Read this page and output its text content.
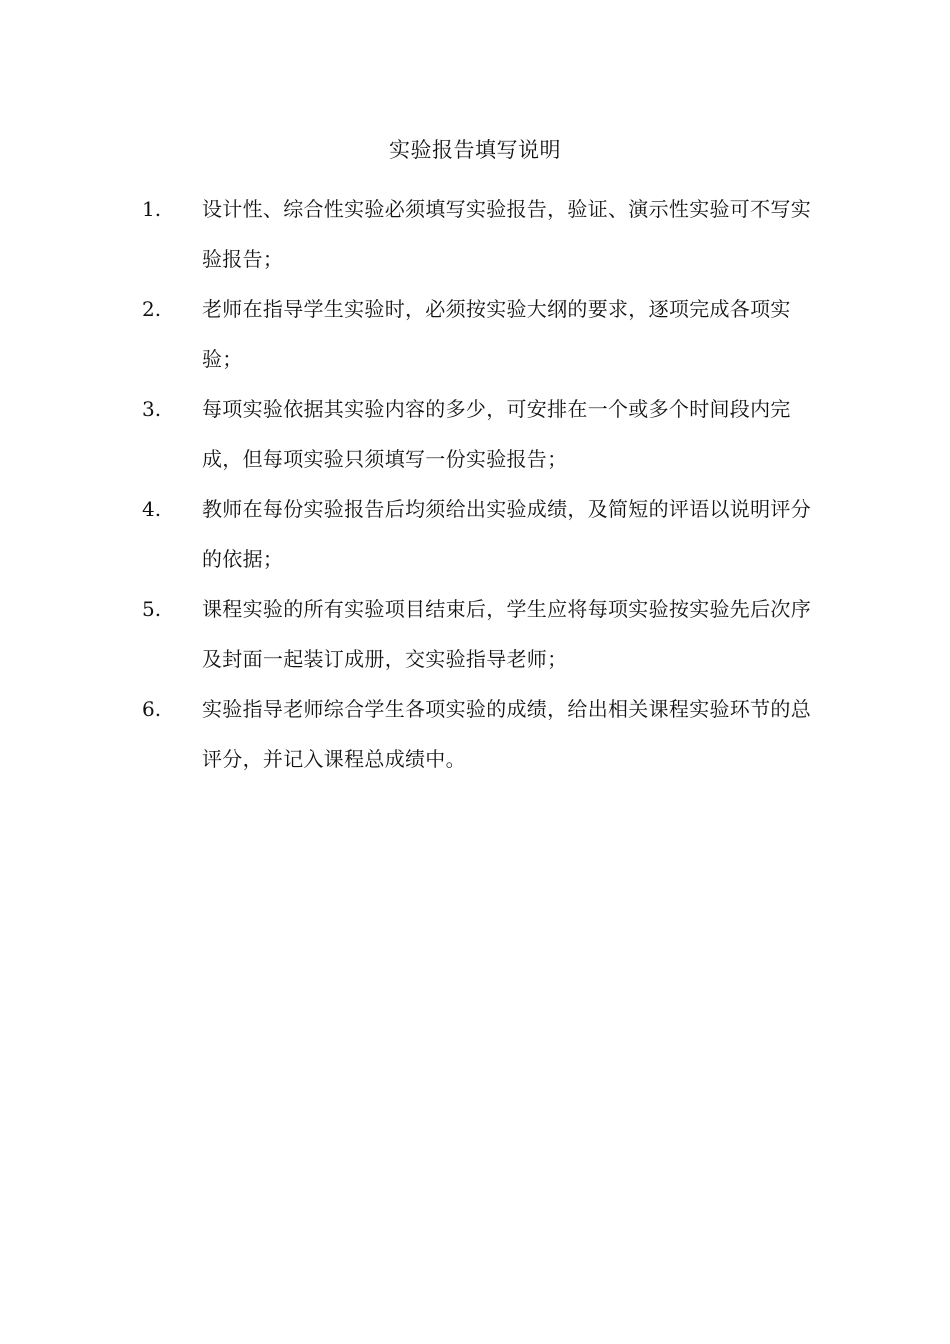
实验报告填写说明
1.	设计性、综合性实验必须填写实验报告，验证、演示性实验可不写实验报告；
2.	老师在指导学生实验时，必须按实验大纲的要求，逐项完成各项实验；
3.	每项实验依据其实验内容的多少，可安排在一个或多个时间段内完成，但每项实验只须填写一份实验报告；
4.	教师在每份实验报告后均须给出实验成绩，及简短的评语以说明评分的依据；
5.	课程实验的所有实验项目结束后，学生应将每项实验按实验先后次序及封面一起装订成册，交实验指导老师；
6.	实验指导老师综合学生各项实验的成绩，给出相关课程实验环节的总评分，并记入课程总成绩中。
